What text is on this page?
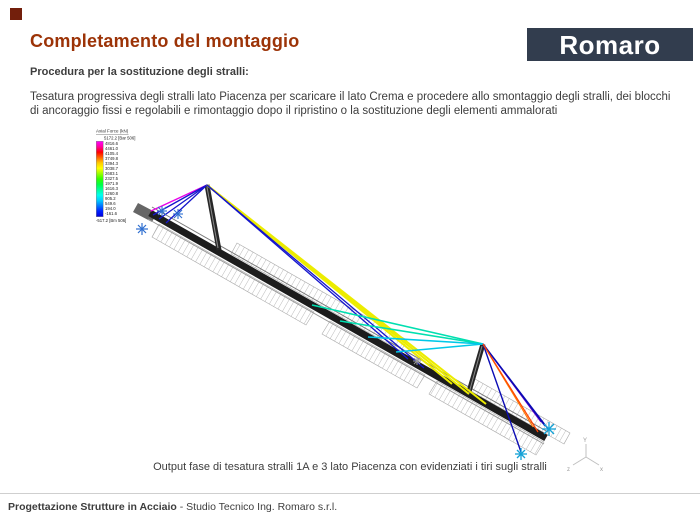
Completamento del montaggio	Romaro
Procedura per la sostituzione degli stralli:
Tesatura progressiva degli stralli lato Piacenza per scaricare il lato Crema e procedere allo smontaggio degli stralli, dei blocchi di ancoraggio fissi e regolabili e rimontaggio dopo il ripristino o la sostituzione degli elementi ammalorati
Y
z	x
Axial Force (kN)
5172.2 [Bar 506]
4816.6
4461.0
4105.4
3749.8
3394.3
3038.7
2683.1
2327.5
1971.9
1616.3
1260.8
905.2
549.6
194.0
-161.6
-517.2 [Bm 506]
Output fase di tesatura stralli 1A e 3 lato Piacenza con evidenziati i tiri sugli stralli
Progettazione Strutture in Acciaio - Studio Tecnico Ing. Romaro s.r.l.
